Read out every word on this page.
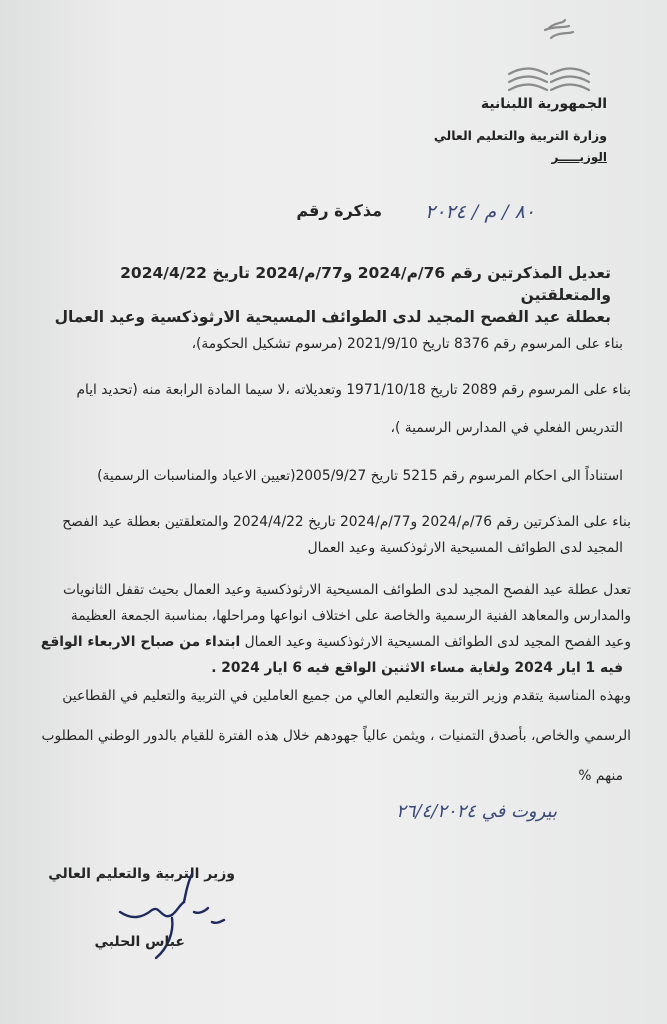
الجمهورية اللبنانية
وزارة التربية والتعليم العالي
الوزيـــــر
مذكرة رقم ٨٠ / م / ٢٠٢٤
تعديل المذكرتين رقم 76/م/2024 و77/م/2024 تاريخ 2024/4/22 والمتعلقتين
بعطلة عيد الفصح المجيد لدى الطوائف المسيحية الارثوذكسية وعيد العمال
بناء على المرسوم رقم 8376 تاريخ 2021/9/10 (مرسوم تشكيل الحكومة)،
بناء على المرسوم رقم 2089 تاريخ 1971/10/18 وتعديلاته ،لا سيما المادة الرابعة منه (تحديد ايام
التدريس الفعلي في المدارس الرسمية )،
استناداً الى احكام المرسوم رقم 5215 تاريخ 2005/9/27(تعيين الاعياد والمناسبات الرسمية)
بناء على المذكرتين رقم 76/م/2024 و77/م/2024 تاريخ 2024/4/22 والمتعلقتين بعطلة عيد الفصح
المجيد لدى الطوائف المسيحية الارثوذكسية وعيد العمال
تعدل عطلة عيد الفصح المجيد لدى الطوائف المسيحية الارثوذكسية وعيد العمال بحيث تقفل الثانويات
والمدارس والمعاهد الفنية الرسمية والخاصة على اختلاف انواعها ومراحلها، بمناسبة الجمعة العظيمة
وعيد الفصح المجيد لدى الطوائف المسيحية الارثوذكسية وعيد العمال ابتداء من صباح الاربعاء الواقع
فيه 1 ايار 2024 ولغاية مساء الاثنين الواقع فيه 6 ايار 2024 .
وبهذه المناسبة يتقدم وزير التربية والتعليم العالي من جميع العاملين في التربية والتعليم في القطاعين
الرسمي والخاص، بأصدق التمنيات ، ويثمن عالياً جهودهم خلال هذه الفترة للقيام بالدور الوطني المطلوب
منهم %
بيروت في ٢٦/٤/٢٠٢٤
وزير التربية والتعليم العالي
عباس الحلبي
